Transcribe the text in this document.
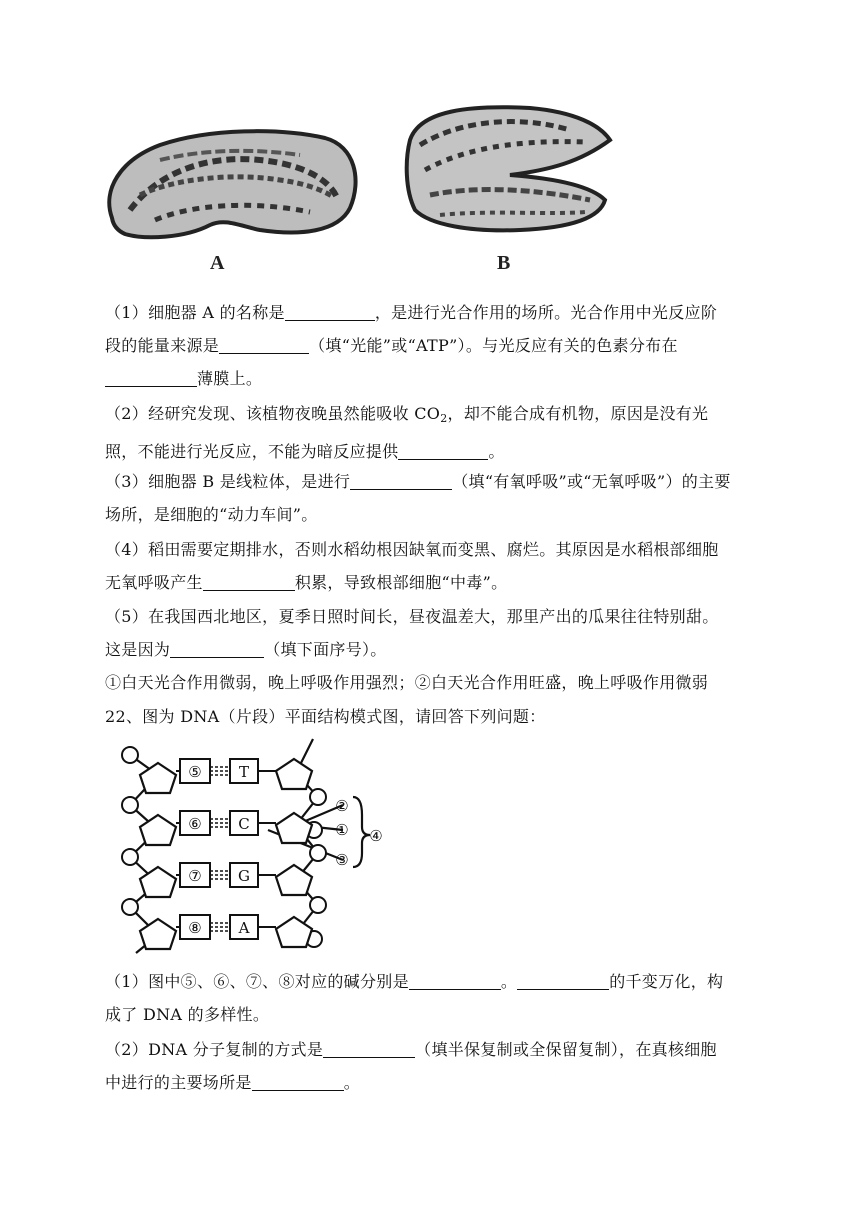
A	B

（1）细胞器 A 的名称是	，是进行光合作用的场所。光合作用中光反应阶

段的能量来源是	（填“光能”或“ATP”）。与光反应有关的色素分布在

薄膜上。

（2）经研究发现、该植物夜晚虽然能吸收 CO2，却不能合成有机物，原因是没有光

照，不能进行光反应，不能为暗反应提供	。

（3）细胞器 B 是线粒体，是进行	（填“有氧呼吸”或“无氧呼吸”）的主要

场所，是细胞的“动力车间”。

（4）稻田需要定期排水，否则水稻幼根因缺氧而变黑、腐烂。其原因是水稻根部细胞

无氧呼吸产生	积累，导致根部细胞“中毒”。

（5）在我国西北地区，夏季日照时间长，昼夜温差大，那里产出的瓜果往往特别甜。

这是因为	（填下面序号）。

①白天光合作用微弱，晚上呼吸作用强烈；②白天光合作用旺盛，晚上呼吸作用微弱

22、图为 DNA（片段）平面结构模式图，请回答下列问题：

⑤
⑥
⑦
⑧
T
C
G
A
②
①
③
④

（1）图中⑤、⑥、⑦、⑧对应的碱分别是	。	的千变万化，构

成了 DNA 的多样性。

（2）DNA 分子复制的方式是	（填半保复制或全保留复制），在真核细胞

中进行的主要场所是	。
